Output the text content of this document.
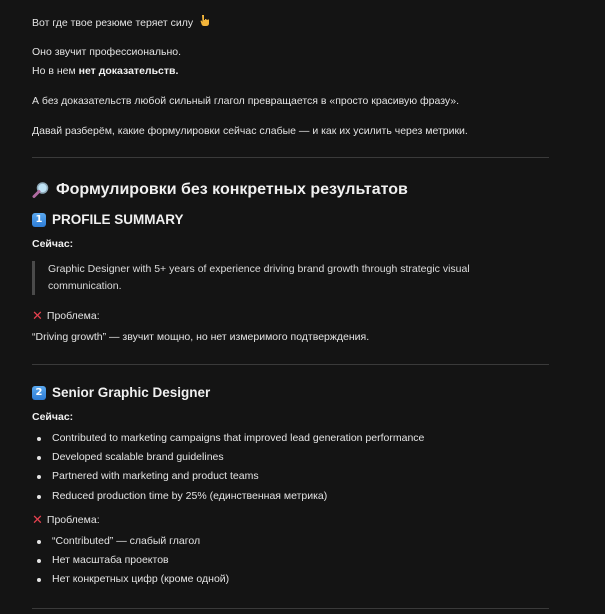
Вот где твое резюме теряет силу
Оно звучит профессионально.
Но в нем нет доказательств.
А без доказательств любой сильный глагол превращается в «просто красивую фразу».
Давай разберём, какие формулировки сейчас слабые — и как их усилить через метрики.
Формулировки без конкретных результатов
1 PROFILE SUMMARY
Сейчас:
Graphic Designer with 5+ years of experience driving brand growth through strategic visual communication.
✕ Проблема:
“Driving growth” — звучит мощно, но нет измеримого подтверждения.
2 Senior Graphic Designer
Сейчас:
Contributed to marketing campaigns that improved lead generation performance
Developed scalable brand guidelines
Partnered with marketing and product teams
Reduced production time by 25% (единственная метрика)
✕ Проблема:
“Contributed” — слабый глагол
Нет масштаба проектов
Нет конкретных цифр (кроме одной)
